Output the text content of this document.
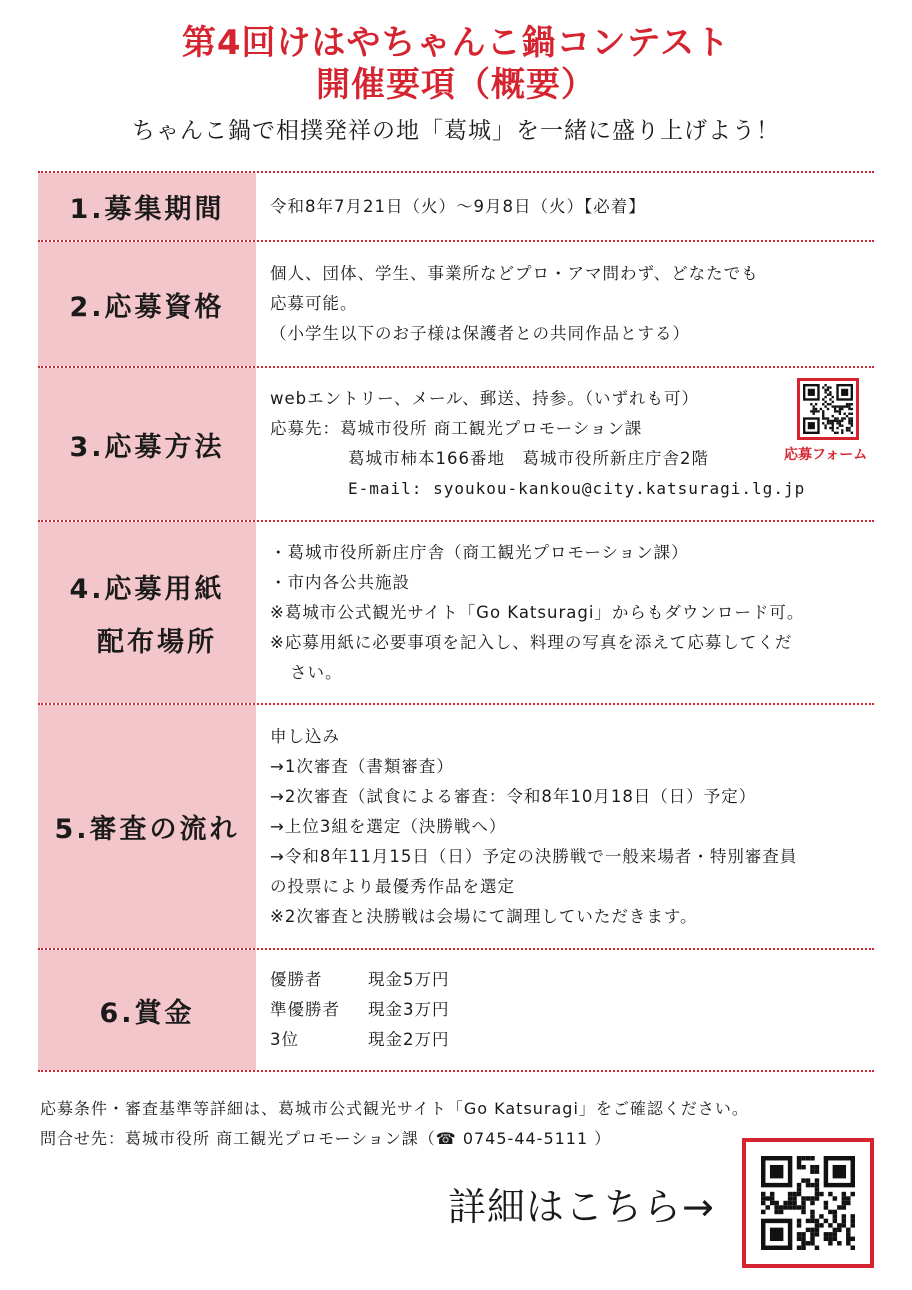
第4回けはやちゃんこ鍋コンテスト
開催要項（概要）
ちゃんこ鍋で相撲発祥の地「葛城」を一緒に盛り上げよう！
1.募集期間	令和8年7月21日（火）～9月8日（火）【必着】
2.応募資格
個人、団体、学生、事業所などプロ・アマ問わず、どなたでも
応募可能。
（小学生以下のお子様は保護者との共同作品とする）
3.応募方法
webエントリー、メール、郵送、持参。（いずれも可）
応募先：葛城市役所 商工観光プロモーション課
葛城市柿本166番地　葛城市役所新庄庁舎2階
E-mail: syoukou-kankou@city.katsuragi.lg.jp
4.応募用紙
配布場所
・葛城市役所新庄庁舎（商工観光プロモーション課）
・市内各公共施設
※葛城市公式観光サイト「Go Katsuragi」からもダウンロード可。
※応募用紙に必要事項を記入し、料理の写真を添えて応募してくだ
さい。
5.審査の流れ
申し込み
→1次審査（書類審査）
→2次審査（試食による審査：令和8年10月18日（日）予定）
→上位3組を選定（決勝戦へ）
→令和8年11月15日（日）予定の決勝戦で一般来場者・特別審査員
の投票により最優秀作品を選定
※2次審査と決勝戦は会場にて調理していただきます。
6.賞金
優勝者	現金5万円
準優勝者	現金3万円
3位	現金2万円
応募フォーム
応募条件・審査基準等詳細は、葛城市公式観光サイト「Go Katsuragi」をご確認ください。
問合せ先：葛城市役所 商工観光プロモーション課（☎ 0745-44-5111 ）
詳細はこちら→
